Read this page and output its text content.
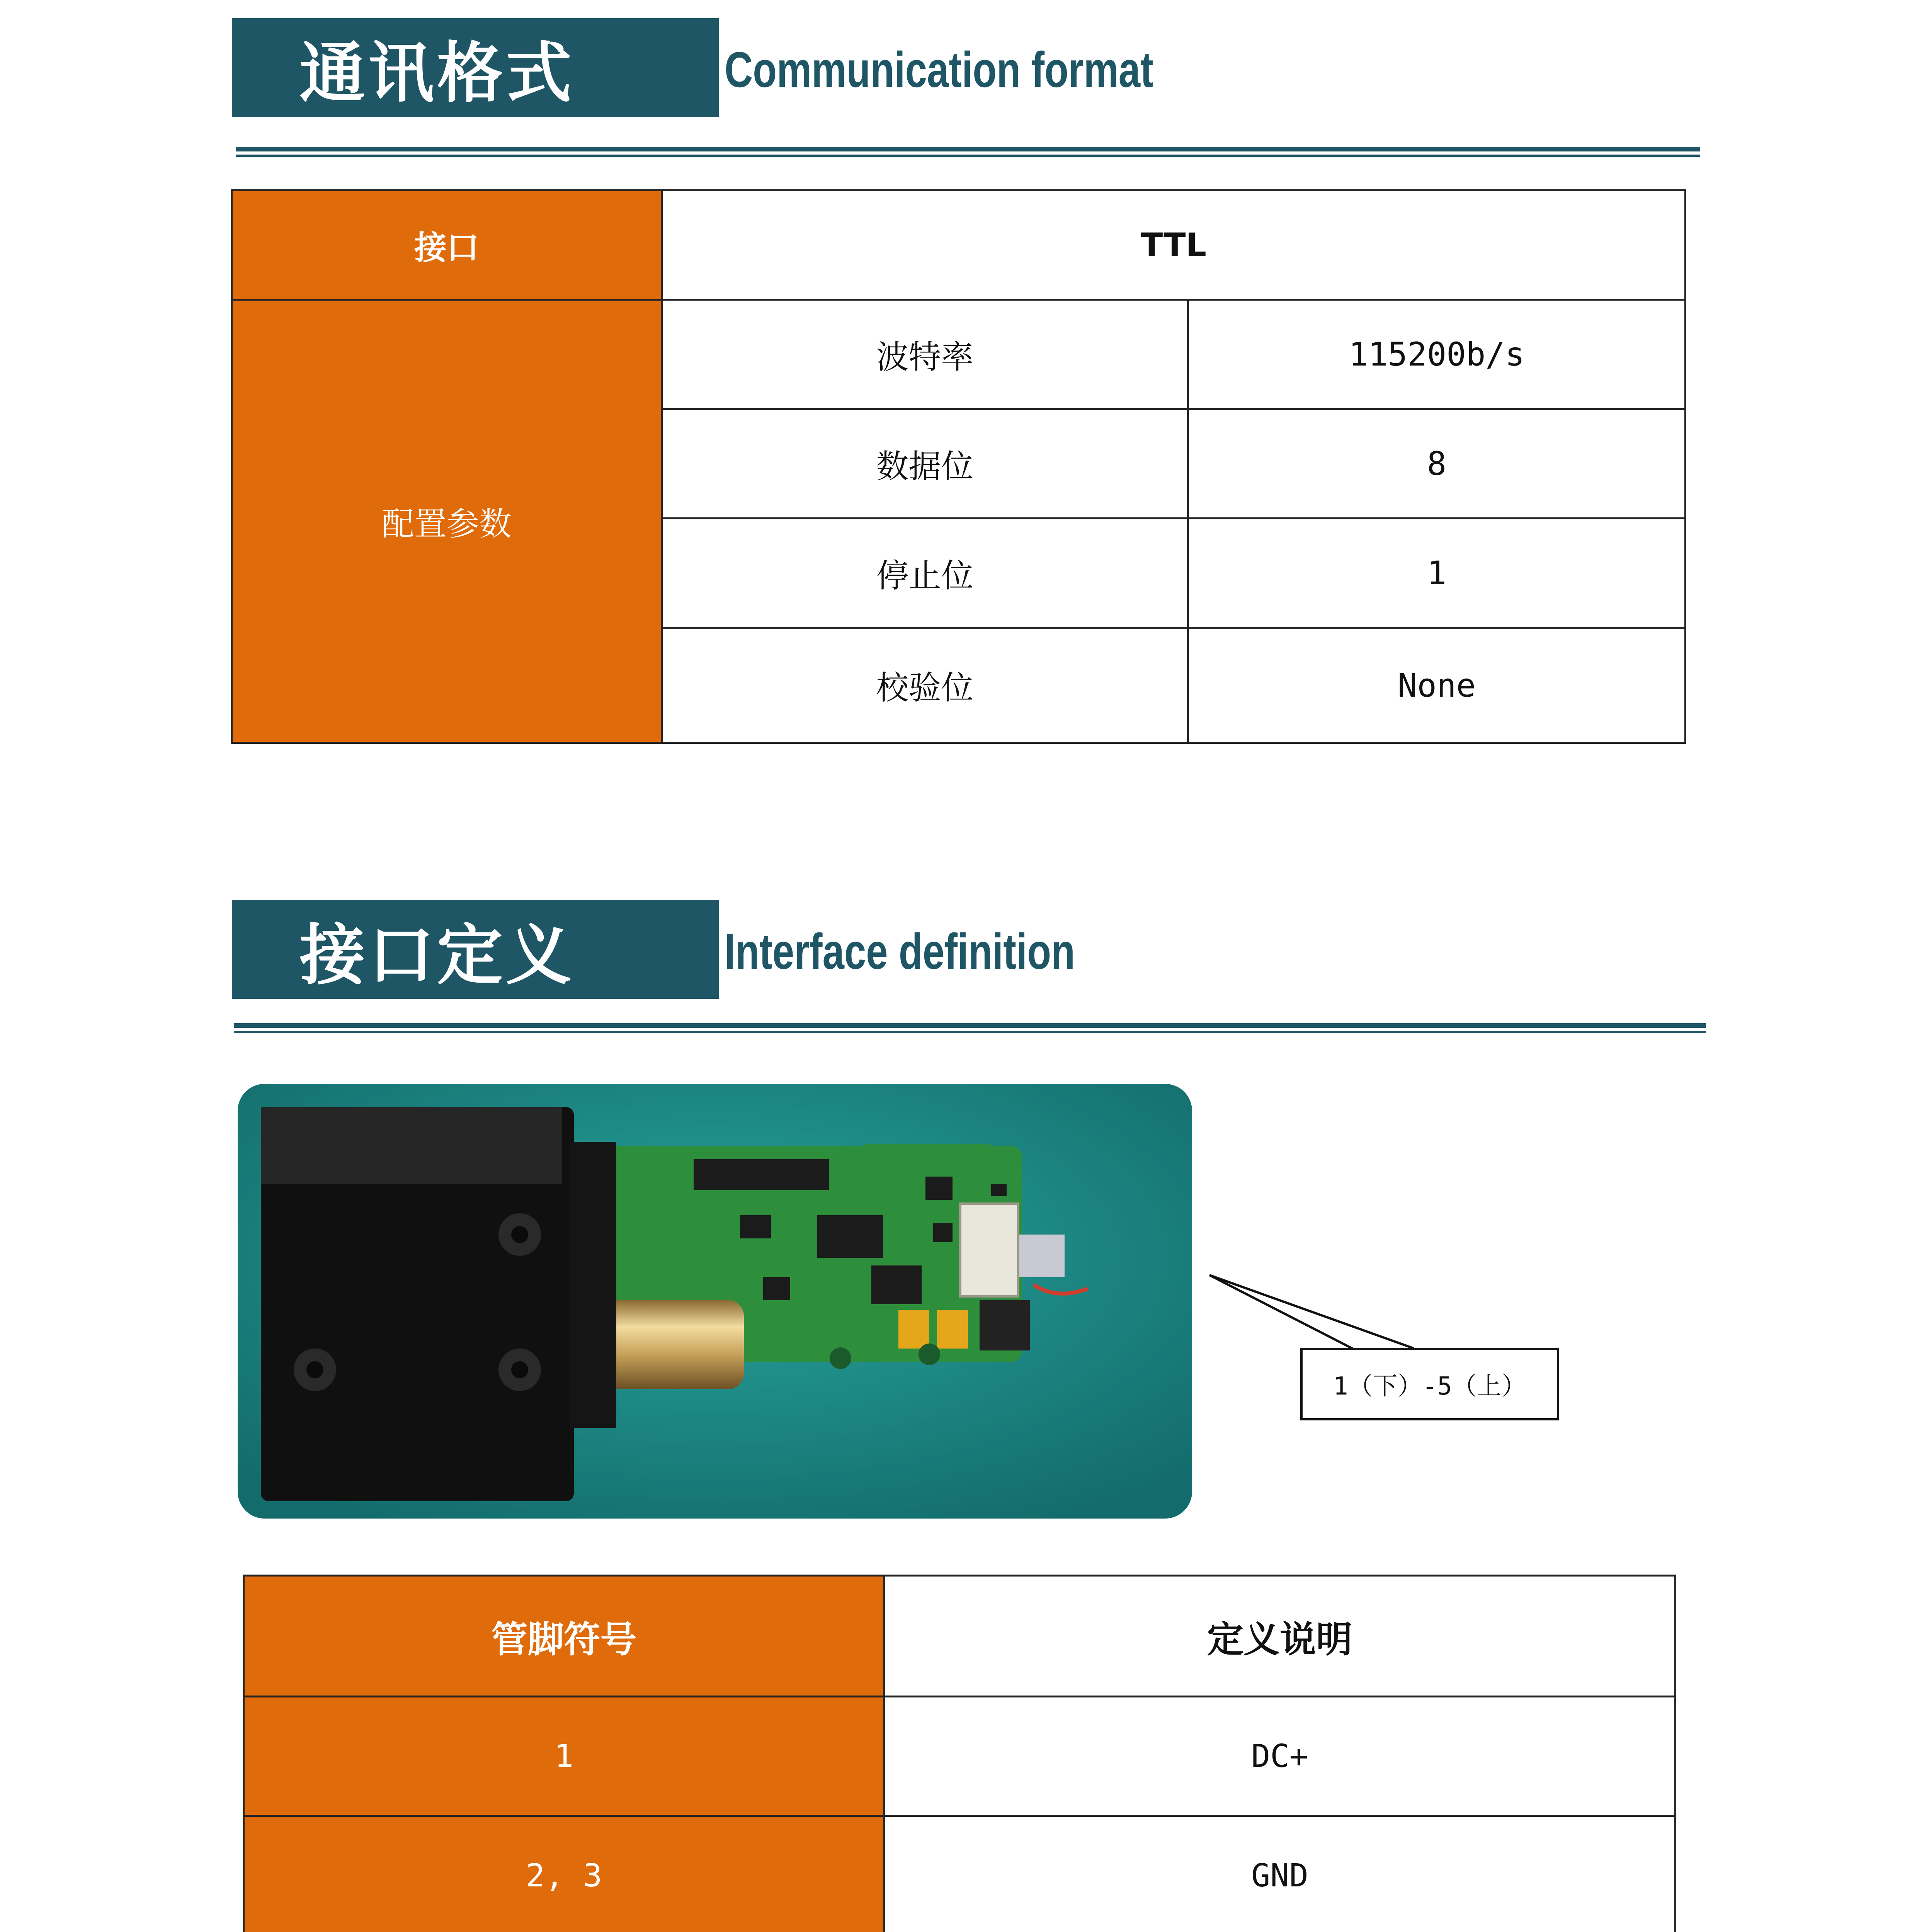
通讯格式	Communication format
接口	TTL	
配置参数	波特率	115200b/s
	数据位	8
	停止位	1
	校验位	None
接口定义	Interface definition
1（下）-5（上）
管脚符号	定义说明
1	DC+
2, 3	GND
